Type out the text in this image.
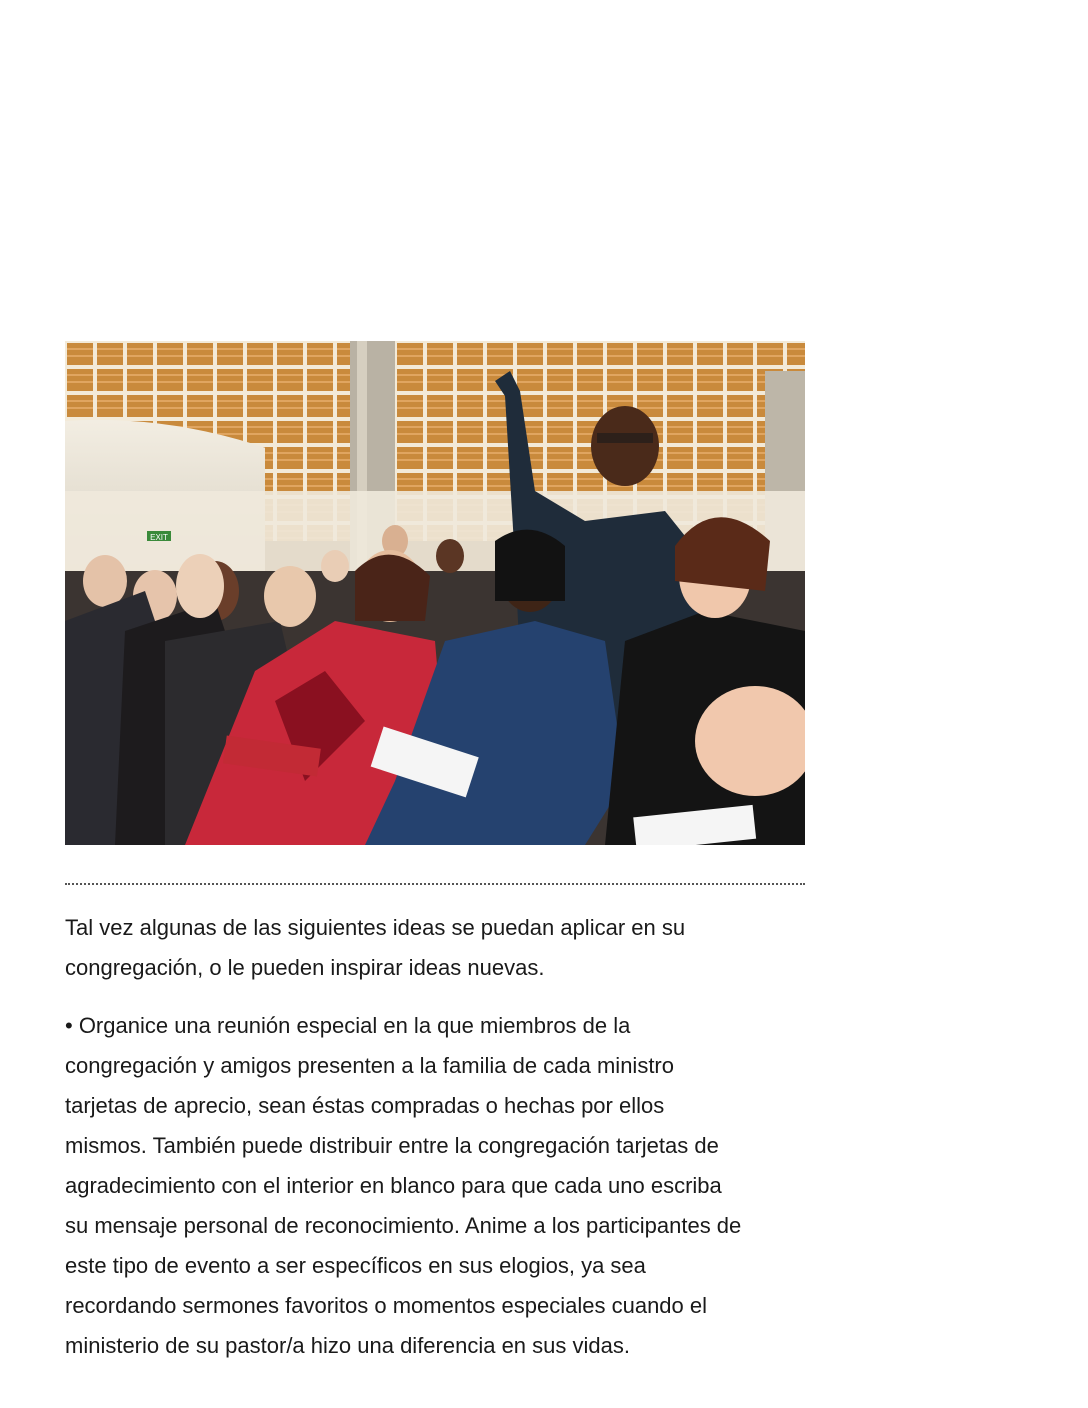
EXIT

Tal vez algunas de las siguientes ideas se puedan aplicar en su
congregación, o le pueden inspirar ideas nuevas.

• Organice una reunión especial en la que miembros de la
congregación y amigos presenten a la familia de cada ministro
tarjetas de aprecio, sean éstas compradas o hechas por ellos
mismos. También puede distribuir entre la congregación tarjetas de
agradecimiento con el interior en blanco para que cada uno escriba
su mensaje personal de reconocimiento. Anime a los participantes de
este tipo de evento a ser específicos en sus elogios, ya sea
recordando sermones favoritos o momentos especiales cuando el
ministerio de su pastor/a hizo una diferencia en sus vidas.
